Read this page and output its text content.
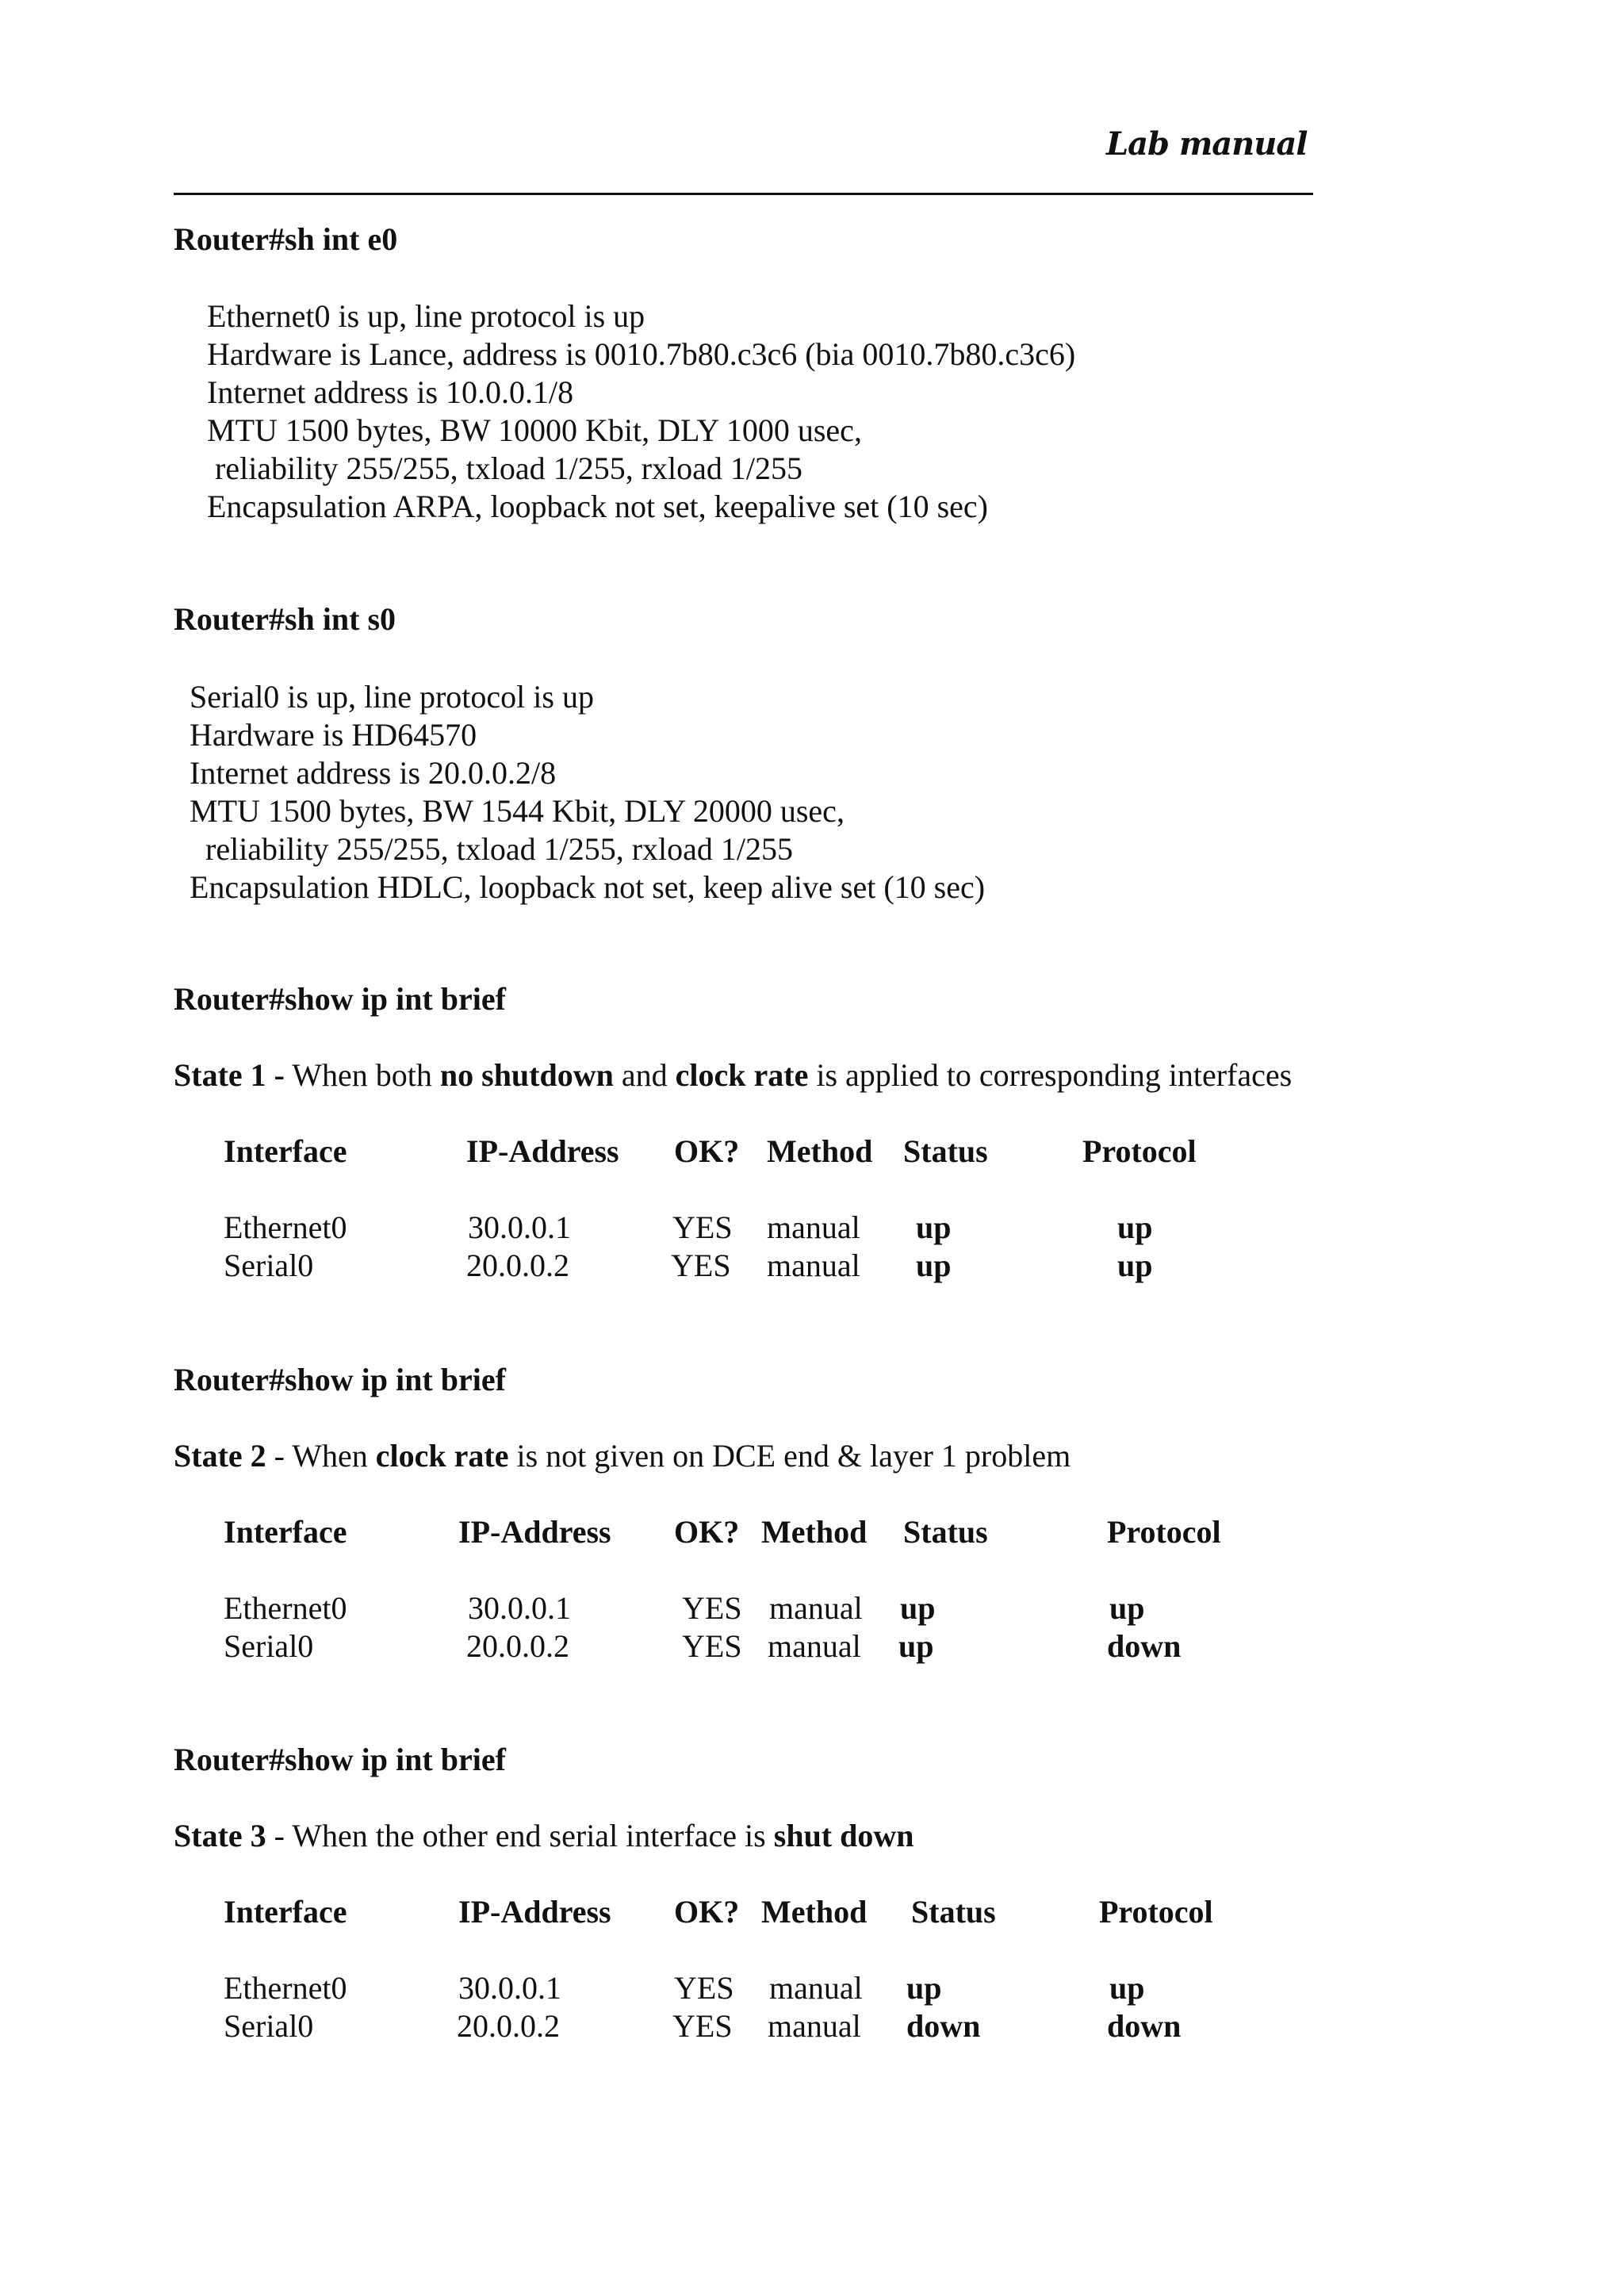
Lab manual
Router#sh int e0
Ethernet0 is up, line protocol is up
Hardware is Lance, address is 0010.7b80.c3c6 (bia 0010.7b80.c3c6)
Internet address is 10.0.0.1/8
MTU 1500 bytes, BW 10000 Kbit, DLY 1000 usec,
reliability 255/255, txload 1/255, rxload 1/255
Encapsulation ARPA, loopback not set, keepalive set (10 sec)
Router#sh int s0
Serial0 is up, line protocol is up
Hardware is HD64570
Internet address is 20.0.0.2/8
MTU 1500 bytes, BW 1544 Kbit, DLY 20000 usec,
reliability 255/255, txload 1/255, rxload 1/255
Encapsulation HDLC, loopback not set, keep alive set (10 sec)
Router#show ip int brief
State 1 - When both no shutdown and clock rate is applied to corresponding interfaces
Interface	IP-Address OK? Method Status	Protocol
Ethernet0	30.0.0.1	YES manual up	up
Serial0	20.0.0.2	YES manual up	up
Router#show ip int brief
State 2 - When clock rate is not given on DCE end & layer 1 problem
Interface	IP-Address OK? Method Status	Protocol
Ethernet0	30.0.0.1	YES manual up	up
Serial0	20.0.0.2	YES manual up	down
Router#show ip int brief
State 3 - When the other end serial interface is shut down
Interface	IP-Address OK? Method Status	Protocol
Ethernet0	30.0.0.1	YES manual up	up
Serial0	20.0.0.2	YES manual down	down
